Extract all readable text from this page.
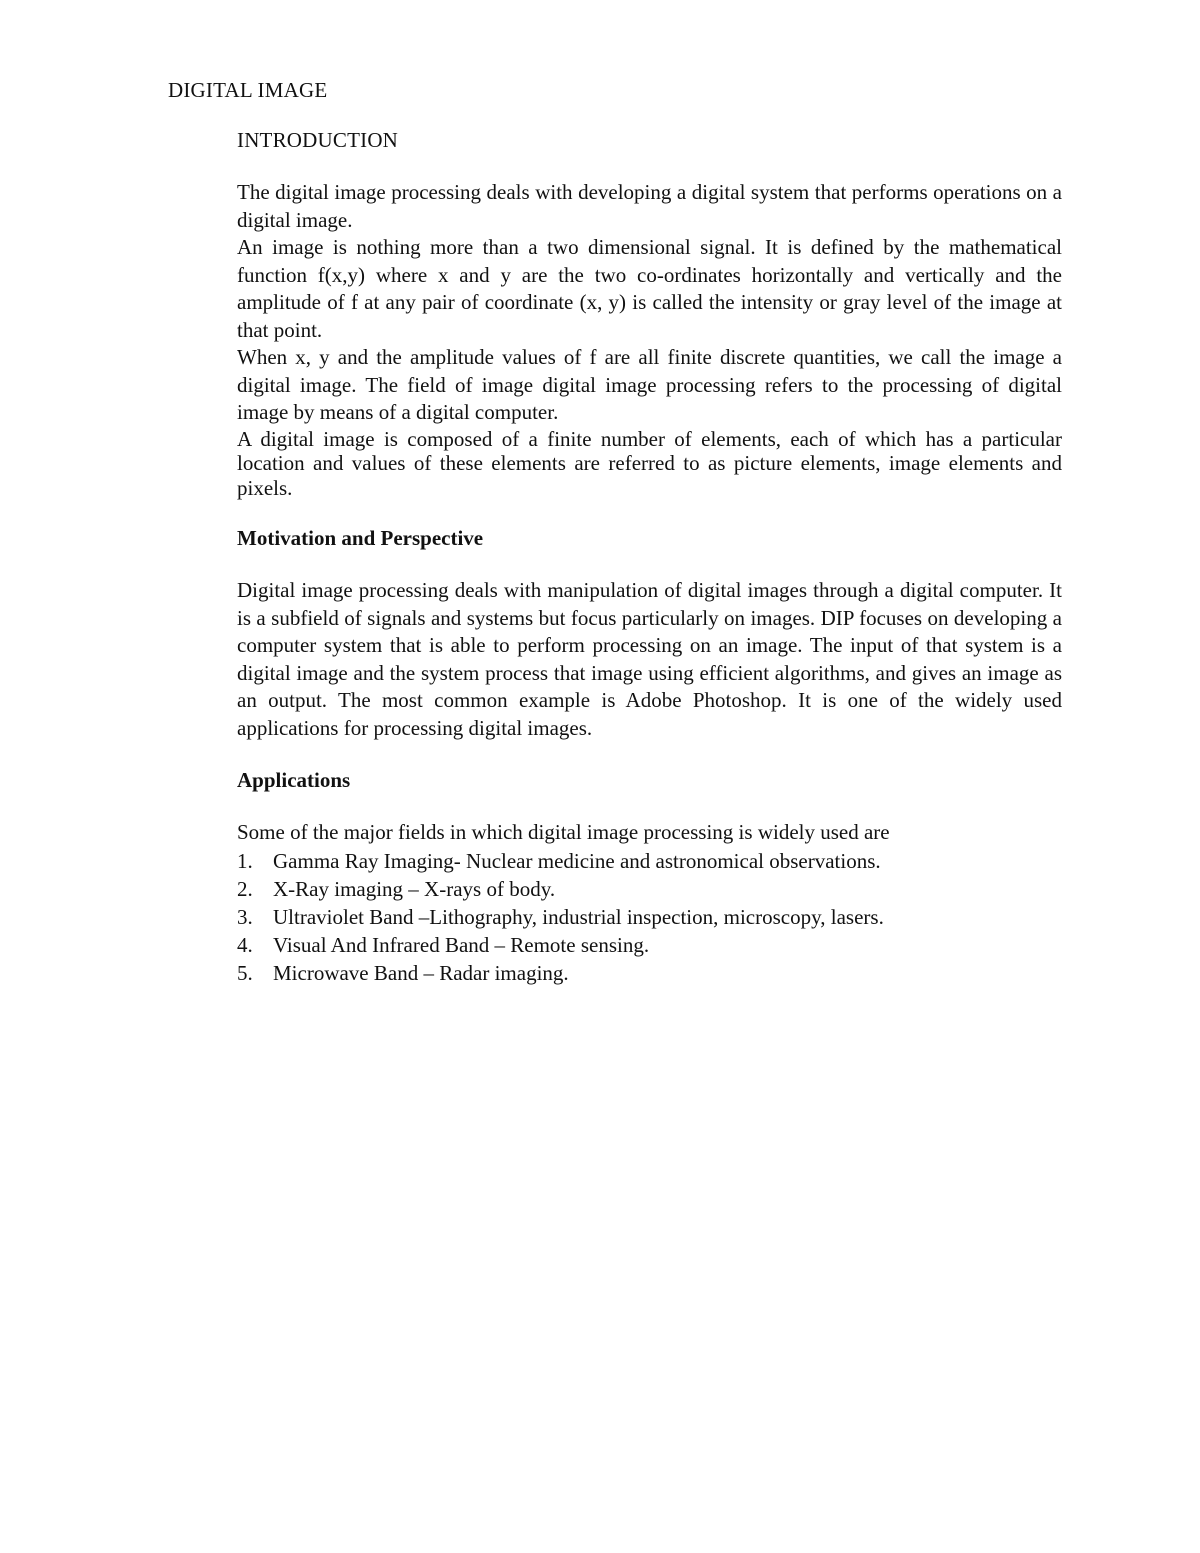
DIGITAL IMAGE
INTRODUCTION

The digital image processing deals with developing a digital system that performs operations on a digital image.

An image is nothing more than a two dimensional signal. It is defined by the mathematical function f(x,y) where x and y are the two co-ordinates horizontally and vertically and the amplitude of f at any pair of coordinate (x, y) is called the intensity or gray level of the image at that point.

When x, y and the amplitude values of f are all finite discrete quantities, we call the image a digital image. The field of image digital image processing refers to the processing of digital image by means of a digital computer.

A digital image is composed of a finite number of elements, each of which has a particular location and values of these elements are referred to as picture elements, image elements and pixels.

Motivation and Perspective

Digital image processing deals with manipulation of digital images through a digital computer. It is a subfield of signals and systems but focus particularly on images. DIP focuses on developing a computer system that is able to perform processing on an image. The input of that system is a digital image and the system process that image using efficient algorithms, and gives an image as an output. The most common example is Adobe Photoshop. It is one of the widely used applications for processing digital images.

Applications

Some of the major fields in which digital image processing is widely used are

1. Gamma Ray Imaging- Nuclear medicine and astronomical observations.
2. X-Ray imaging – X-rays of body.
3. Ultraviolet Band –Lithography, industrial inspection, microscopy, lasers.
4. Visual And Infrared Band – Remote sensing.
5. Microwave Band – Radar imaging.
